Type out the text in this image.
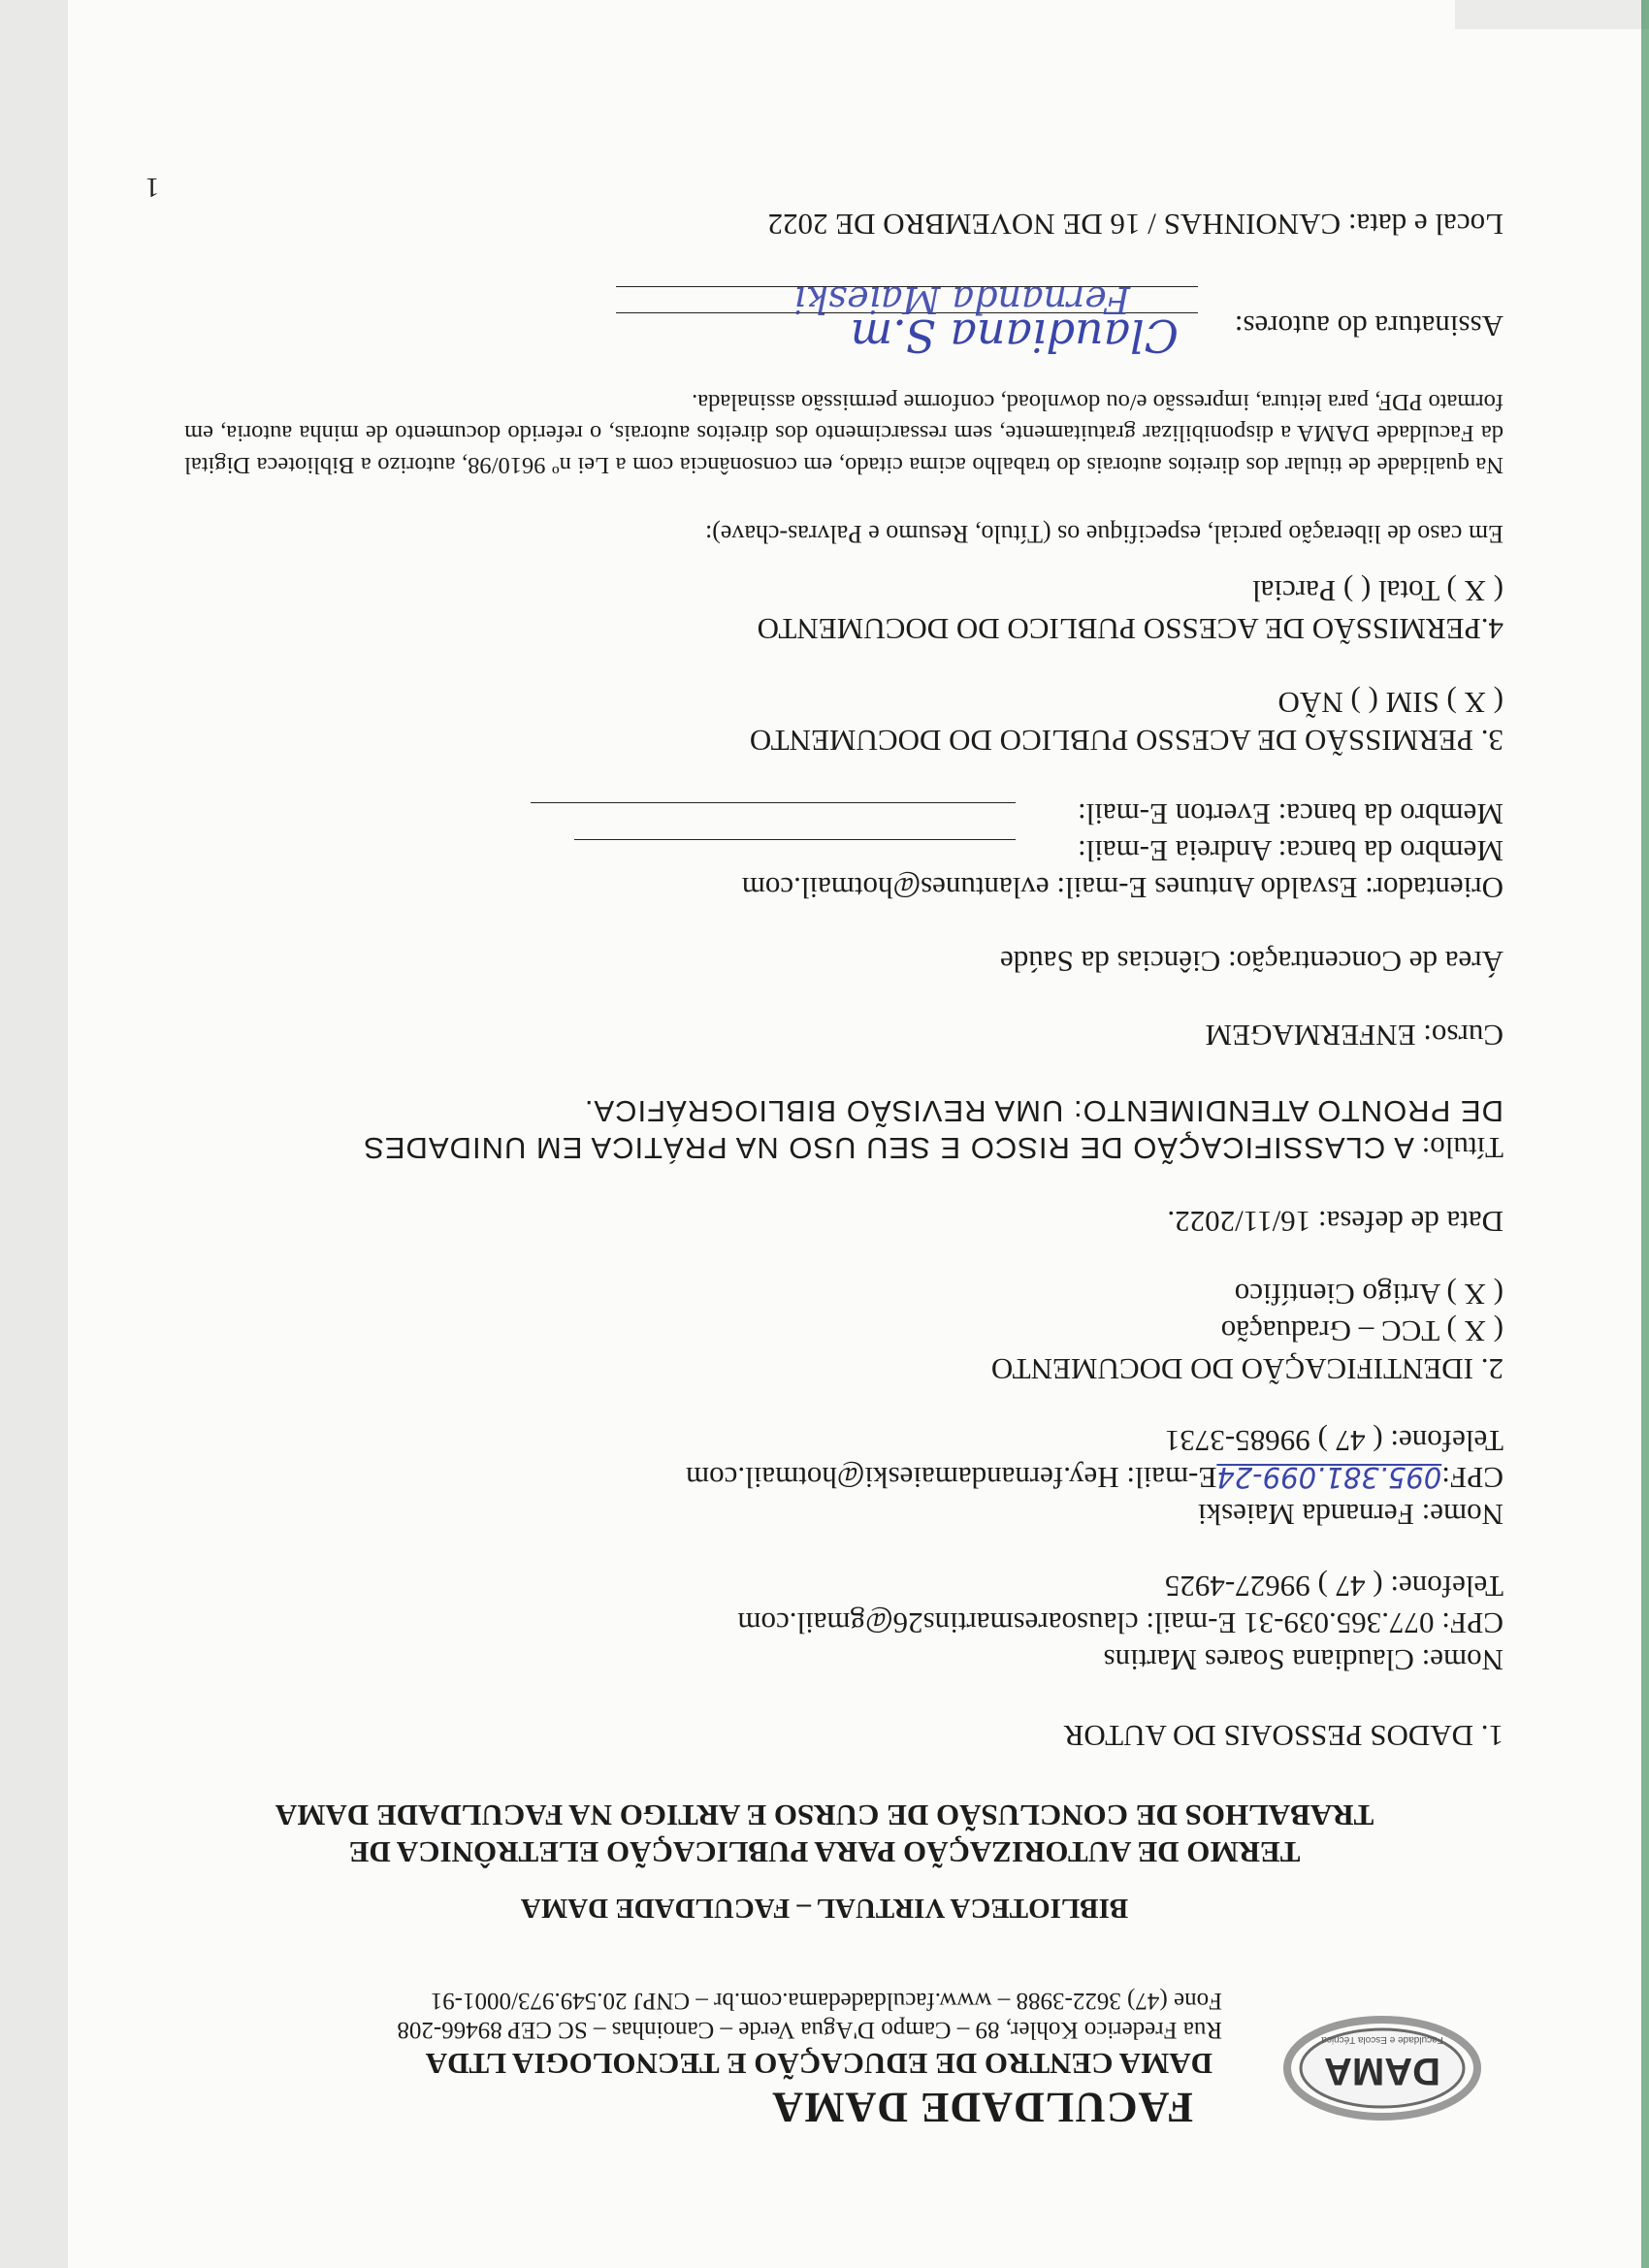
DAMA
Faculdade e Escola Técnica
FACULDADE DAMA
DAMA CENTRO DE EDUCAÇÃO E TECNOLOGIA LTDA
Rua Frederico Kohler, 89 – Campo D'Agua Verde – Canoinhas – SC CEP 89466-208
Fone (47) 3622-3988 – www.faculdadedama.com.br – CNPJ 20.549.973/0001-91
BIBLIOTECA VIRTUAL – FACULDADE DAMA
TERMO DE AUTORIZAÇÃO PARA PUBLICAÇÃO ELETRÔNICA DE
TRABALHOS DE CONCLUSÃO DE CURSO E ARTIGO NA FACULDADE DAMA
1. DADOS PESSOAIS DO AUTOR
Nome: Claudiana Soares Martins
CPF: 077.365.039-31 E-mail: clausoaresmartins26@gmail.com
Telefone: ( 47 ) 99627-4925
Nome: Fernanda Maieski
CPF:095.381.099-24E-mail: Hey.fernandamaieski@hotmail.com
Telefone: ( 47 ) 99685-3731
2. IDENTIFICAÇÃO DO DOCUMENTO
( X ) TCC – Graduação
( X ) Artigo Científico
Data de defesa: 16/11/2022.
Título: A CLASSIFICAÇÃO DE RISCO E SEU USO NA PRÁTICA EM UNIDADES
DE PRONTO ATENDIMENTO: UMA REVISÃO BIBLIOGRÁFICA.
Curso: ENFERMAGEM
Área de Concentração: Ciências da Saúde
Orientador: Esvaldo Antunes E-mail: evlantunes@hotmail.com
Membro da banca: Andreia E-mail:
Membro da banca: Everton E-mail:
3. PERMISSÃO DE ACESSO PUBLICO DO DOCUMENTO
( X ) SIM ( ) NÃO
4.PERMISSÃO DE ACESSO PUBLICO DO DOCUMENTO
( X ) Total ( ) Parcial
Em caso de liberação parcial, especifique os (Título, Resumo e Palvras-chave):
Na qualidade de titular dos direitos autorais do trabalho acima citado, em consonância com a Lei nº 9610/98, autorizo a Biblioteca Digital da Faculdade DAMA a disponibilizar gratuitamente, sem ressarcimento dos direitos autorais, o referido documento de minha autoria, em formato PDF, para leitura, impressão e/ou download, conforme permissão assinalada.
Assinatura do autores:
Claudiana S.m
Fernanda Maieski
Local e data: CANOINHAS / 16 DE NOVEMBRO DE 2022
1
